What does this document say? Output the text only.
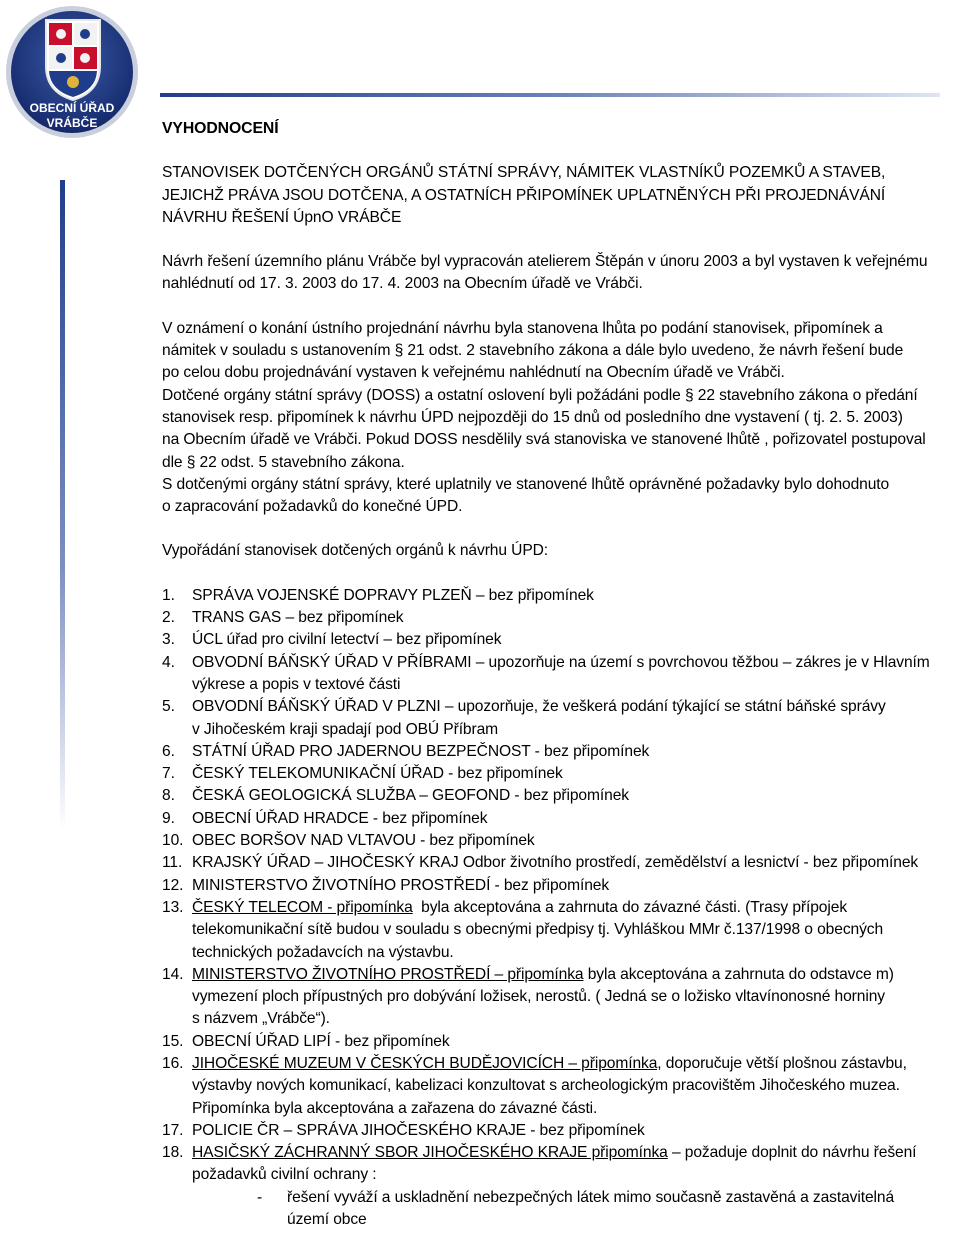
OBECNÍ ÚŘAD
VRÁBČE	VYHODNOCENÍ

STANOVISEK DOTČENÝCH ORGÁNŮ STÁTNÍ SPRÁVY, NÁMITEK VLASTNÍKŮ POZEMKŮ A STAVEB,

JEJICHŽ PRÁVA JSOU DOTČENA, A OSTATNÍCH PŘIPOMÍNEK UPLATNĚNÝCH PŘI PROJEDNÁVÁNÍ

NÁVRHU ŘEŠENÍ ÚpnO VRÁBČE

Návrh řešení územního plánu Vrábče byl vypracován atelierem Štěpán v únoru 2003 a byl vystaven k veřejnému

nahlédnutí od 17. 3. 2003 do 17. 4. 2003 na Obecním úřadě ve Vrábči.

V oznámení o konání ústního projednání návrhu byla stanovena lhůta po podání stanovisek, připomínek a

námitek v souladu s ustanovením § 21 odst. 2 stavebního zákona a dále bylo uvedeno, že návrh řešení bude

po celou dobu projednávání vystaven k veřejnému nahlédnutí na Obecním úřadě ve Vrábči.

Dotčené orgány státní správy (DOSS) a ostatní oslovení byli požádáni podle § 22 stavebního zákona o předání

stanovisek resp. připomínek k návrhu ÚPD nejpozději do 15 dnů od posledního dne vystavení ( tj. 2. 5. 2003)

na Obecním úřadě ve Vrábči. Pokud DOSS nesdělily svá stanoviska ve stanovené lhůtě , pořizovatel postupoval

dle § 22 odst. 5 stavebního zákona.

S dotčenými orgány státní správy, které uplatnily ve stanovené lhůtě oprávněné požadavky bylo dohodnuto

o zapracování požadavků do konečné ÚPD.

Vypořádání stanovisek dotčených orgánů k návrhu ÚPD:

1.	SPRÁVA VOJENSKÉ DOPRAVY PLZEŇ – bez připomínek

2.	TRANS GAS – bez připomínek

3.	ÚCL úřad pro civilní letectví – bez připomínek

4.	OBVODNÍ BÁŇSKÝ ÚŘAD V PŘÍBRAMI – upozorňuje na území s povrchovou těžbou – zákres je v Hlavním

výkrese a popis v textové části

5.	OBVODNÍ BÁŇSKÝ ÚŘAD V PLZNI – upozorňuje, že veškerá podání týkající se státní báňské správy

v Jihočeském kraji spadají pod OBÚ Příbram

6.	STÁTNÍ ÚŘAD PRO JADERNOU BEZPEČNOST - bez připomínek

7.	ČESKÝ TELEKOMUNIKAČNÍ ÚŘAD - bez připomínek

8.	ČESKÁ GEOLOGICKÁ SLUŽBA – GEOFOND - bez připomínek

9.	OBECNÍ ÚŘAD HRADCE - bez připomínek

10. OBEC BORŠOV NAD VLTAVOU - bez připomínek

11. KRAJSKÝ ÚŘAD – JIHOČESKÝ KRAJ Odbor životního prostředí, zemědělství a lesnictví - bez připomínek

12. MINISTERSTVO ŽIVOTNÍHO PROSTŘEDÍ - bez připomínek

13. ČESKÝ TELECOM - připomínka  byla akceptována a zahrnuta do závazné části. (Trasy přípojek

telekomunikační sítě budou v souladu s obecnými předpisy tj. Vyhláškou MMr č.137/1998 o obecných

technických požadavcích na výstavbu.

14. MINISTERSTVO ŽIVOTNÍHO PROSTŘEDÍ – připomínka byla akceptována a zahrnuta do odstavce m)

vymezení ploch přípustných pro dobývání ložisek, nerostů. ( Jedná se o ložisko vltavínonosné horniny

s názvem „Vrábče“).

15. OBECNÍ ÚŘAD LIPÍ - bez připomínek

16. JIHOČESKÉ MUZEUM V ČESKÝCH BUDĚJOVICÍCH – připomínka, doporučuje větší plošnou zástavbu,

výstavby nových komunikací, kabelizaci konzultovat s archeologickým pracovištěm Jihočeského muzea.

Připomínka byla akceptována a zařazena do závazné části.

17. POLICIE ČR – SPRÁVA JIHOČESKÉHO KRAJE - bez připomínek

18. HASIČSKÝ ZÁCHRANNÝ SBOR JIHOČESKÉHO KRAJE připomínka – požaduje doplnit do návrhu řešení

požadavků civilní ochrany :

-	řešení vyváží a uskladnění nebezpečných látek mimo současně zastavěná a zastavitelná

území obce
